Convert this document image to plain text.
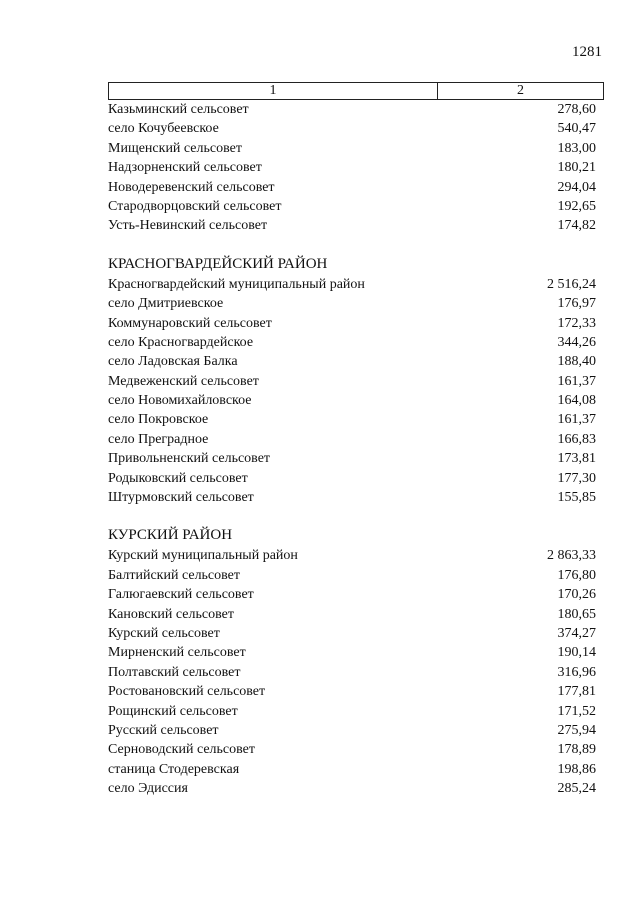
1281
1	2
Казьминский сельсовет	278,60
село Кочубеевское	540,47
Мищенский сельсовет	183,00
Надзорненский сельсовет	180,21
Новодеревенский сельсовет	294,04
Стародворцовский сельсовет	192,65
Усть-Невинский сельсовет	174,82
КРАСНОГВАРДЕЙСКИЙ РАЙОН
Красногвардейский муниципальный район	2 516,24
село Дмитриевское	176,97
Коммунаровский сельсовет	172,33
село Красногвардейское	344,26
село Ладовская Балка	188,40
Медвеженский сельсовет	161,37
село Новомихайловское	164,08
село Покровское	161,37
село Преградное	166,83
Привольненский сельсовет	173,81
Родыковский сельсовет	177,30
Штурмовский сельсовет	155,85
КУРСКИЙ РАЙОН
Курский муниципальный район	2 863,33
Балтийский сельсовет	176,80
Галюгаевский сельсовет	170,26
Кановский сельсовет	180,65
Курский сельсовет	374,27
Мирненский сельсовет	190,14
Полтавский сельсовет	316,96
Ростовановский сельсовет	177,81
Рощинский сельсовет	171,52
Русский сельсовет	275,94
Серноводский сельсовет	178,89
станица Стодеревская	198,86
село Эдиссия	285,24
